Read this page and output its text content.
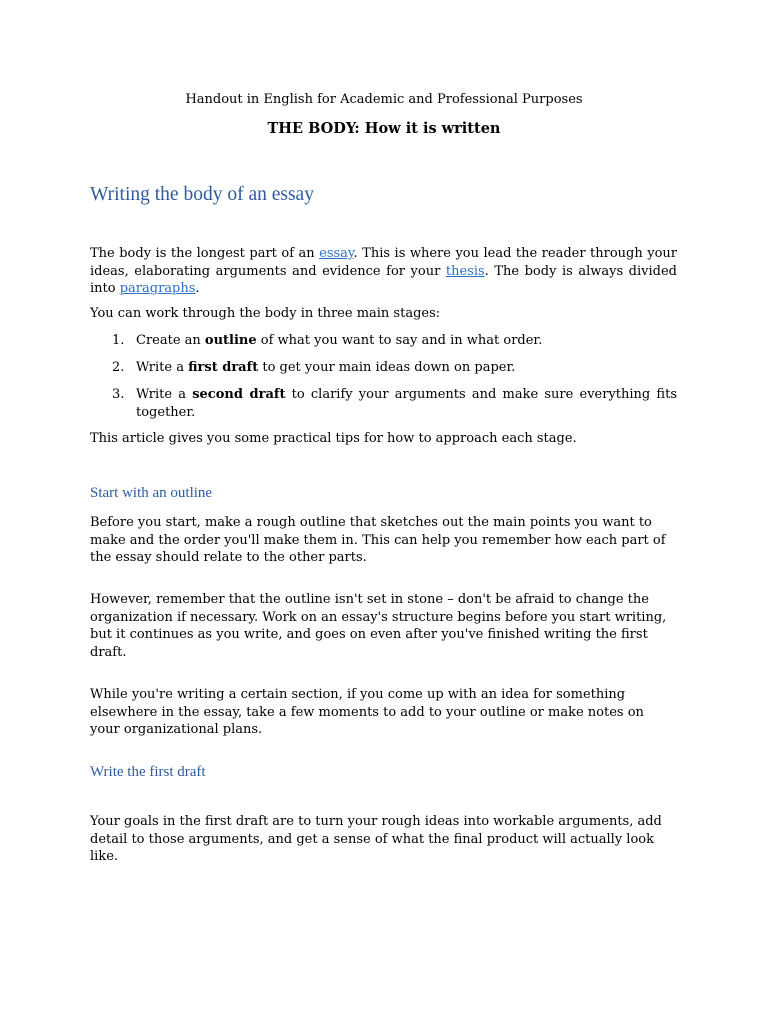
Handout in English for Academic and Professional Purposes
THE BODY: How it is written
Writing the body of an essay
The body is the longest part of an essay. This is where you lead the reader through your ideas, elaborating arguments and evidence for your thesis. The body is always divided into paragraphs.
You can work through the body in three main stages:
1. Create an outline of what you want to say and in what order.
2. Write a first draft to get your main ideas down on paper.
3. Write a second draft to clarify your arguments and make sure everything fits together.
This article gives you some practical tips for how to approach each stage.
Start with an outline
Before you start, make a rough outline that sketches out the main points you want to make and the order you'll make them in. This can help you remember how each part of the essay should relate to the other parts.
However, remember that the outline isn't set in stone – don't be afraid to change the organization if necessary. Work on an essay's structure begins before you start writing, but it continues as you write, and goes on even after you've finished writing the first draft.
While you're writing a certain section, if you come up with an idea for something elsewhere in the essay, take a few moments to add to your outline or make notes on your organizational plans.
Write the first draft
Your goals in the first draft are to turn your rough ideas into workable arguments, add detail to those arguments, and get a sense of what the final product will actually look like.
